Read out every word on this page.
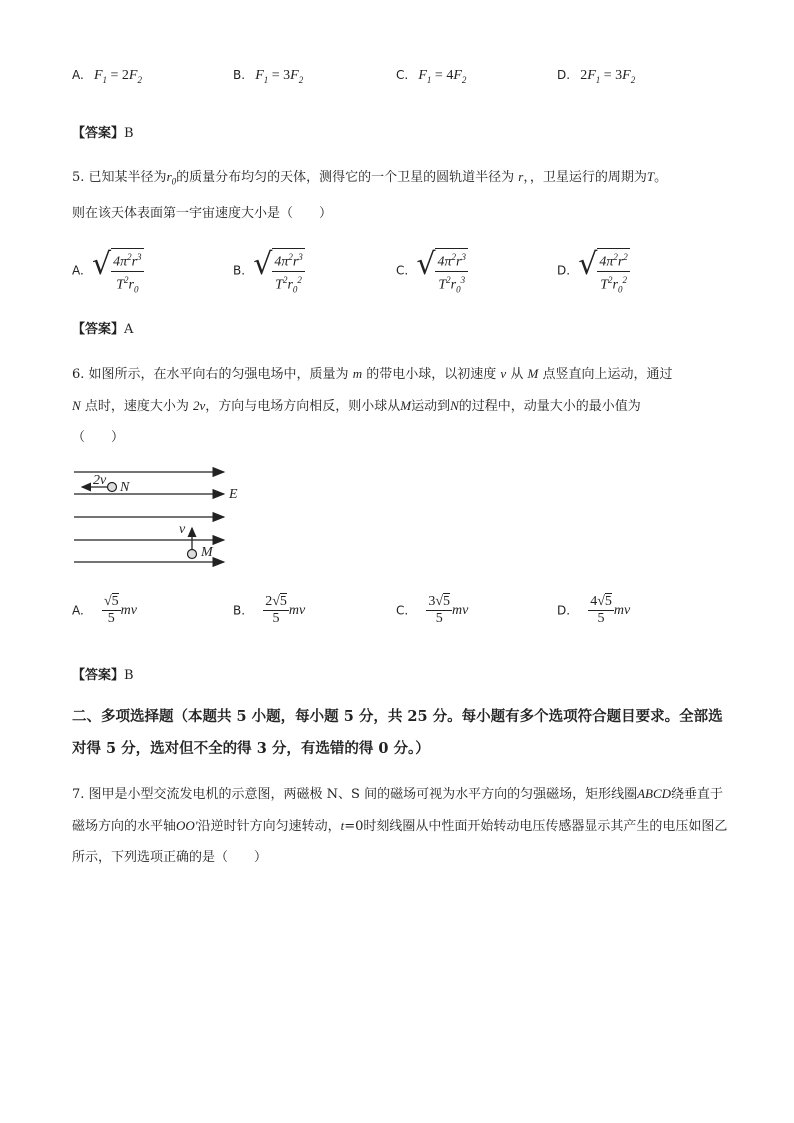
A. $F_1 = 2F_2$	B. $F_1 = 3F_2$	C. $F_1 = 4F_2$	D. $2F_1 = 3F_2$
【答案】B
5. 已知某半径为$r_0$的质量分布均匀的天体，测得它的一个卫星的圆轨道半径为 r，，卫星运行的周期为T。
则在该天体表面第一宇宙速度大小是（　　）
A. √ $\frac{4\pi^2r^3}{T^2r_0}$	B. √ $\frac{4\pi^2r^3}{T^2r_0^2}$	C. √ $\frac{4\pi^2r^3}{T^2r_0^3}$	D. √ $\frac{4\pi^2r^2}{T^2r_0^2}$
【答案】A
6. 如图所示，在水平向右的匀强电场中，质量为 m 的带电小球，以初速度 v 从 M 点竖直向上运动，通过
N 点时，速度大小为 2v，方向与电场方向相反，则小球从M运动到N的过程中，动量大小的最小值为
（　　）
2v N	E
v
M
A. $\frac{√5}{5}$ mv	B. $\frac{2√5}{5}$ mv	C. $\frac{3√5}{5}$ mv	D. $\frac{4√5}{5}$ mv
【答案】B
二、多项选择题（本题共 5 小题，每小题 5 分，共 25 分。每小题有多个选项符合题目要求。全部选对得 5 分，选对但不全的得 3 分，有选错的得 0 分。）
7. 图甲是小型交流发电机的示意图，两磁极 N、S 间的磁场可视为水平方向的匀强磁场，矩形线圈ABCD绕垂直于磁场方向的水平轴OO'沿逆时针方向匀速转动，t=0时刻线圈从中性面开始转动电压传感器显示其产生的电压如图乙所示，下列选项正确的是（　　）
